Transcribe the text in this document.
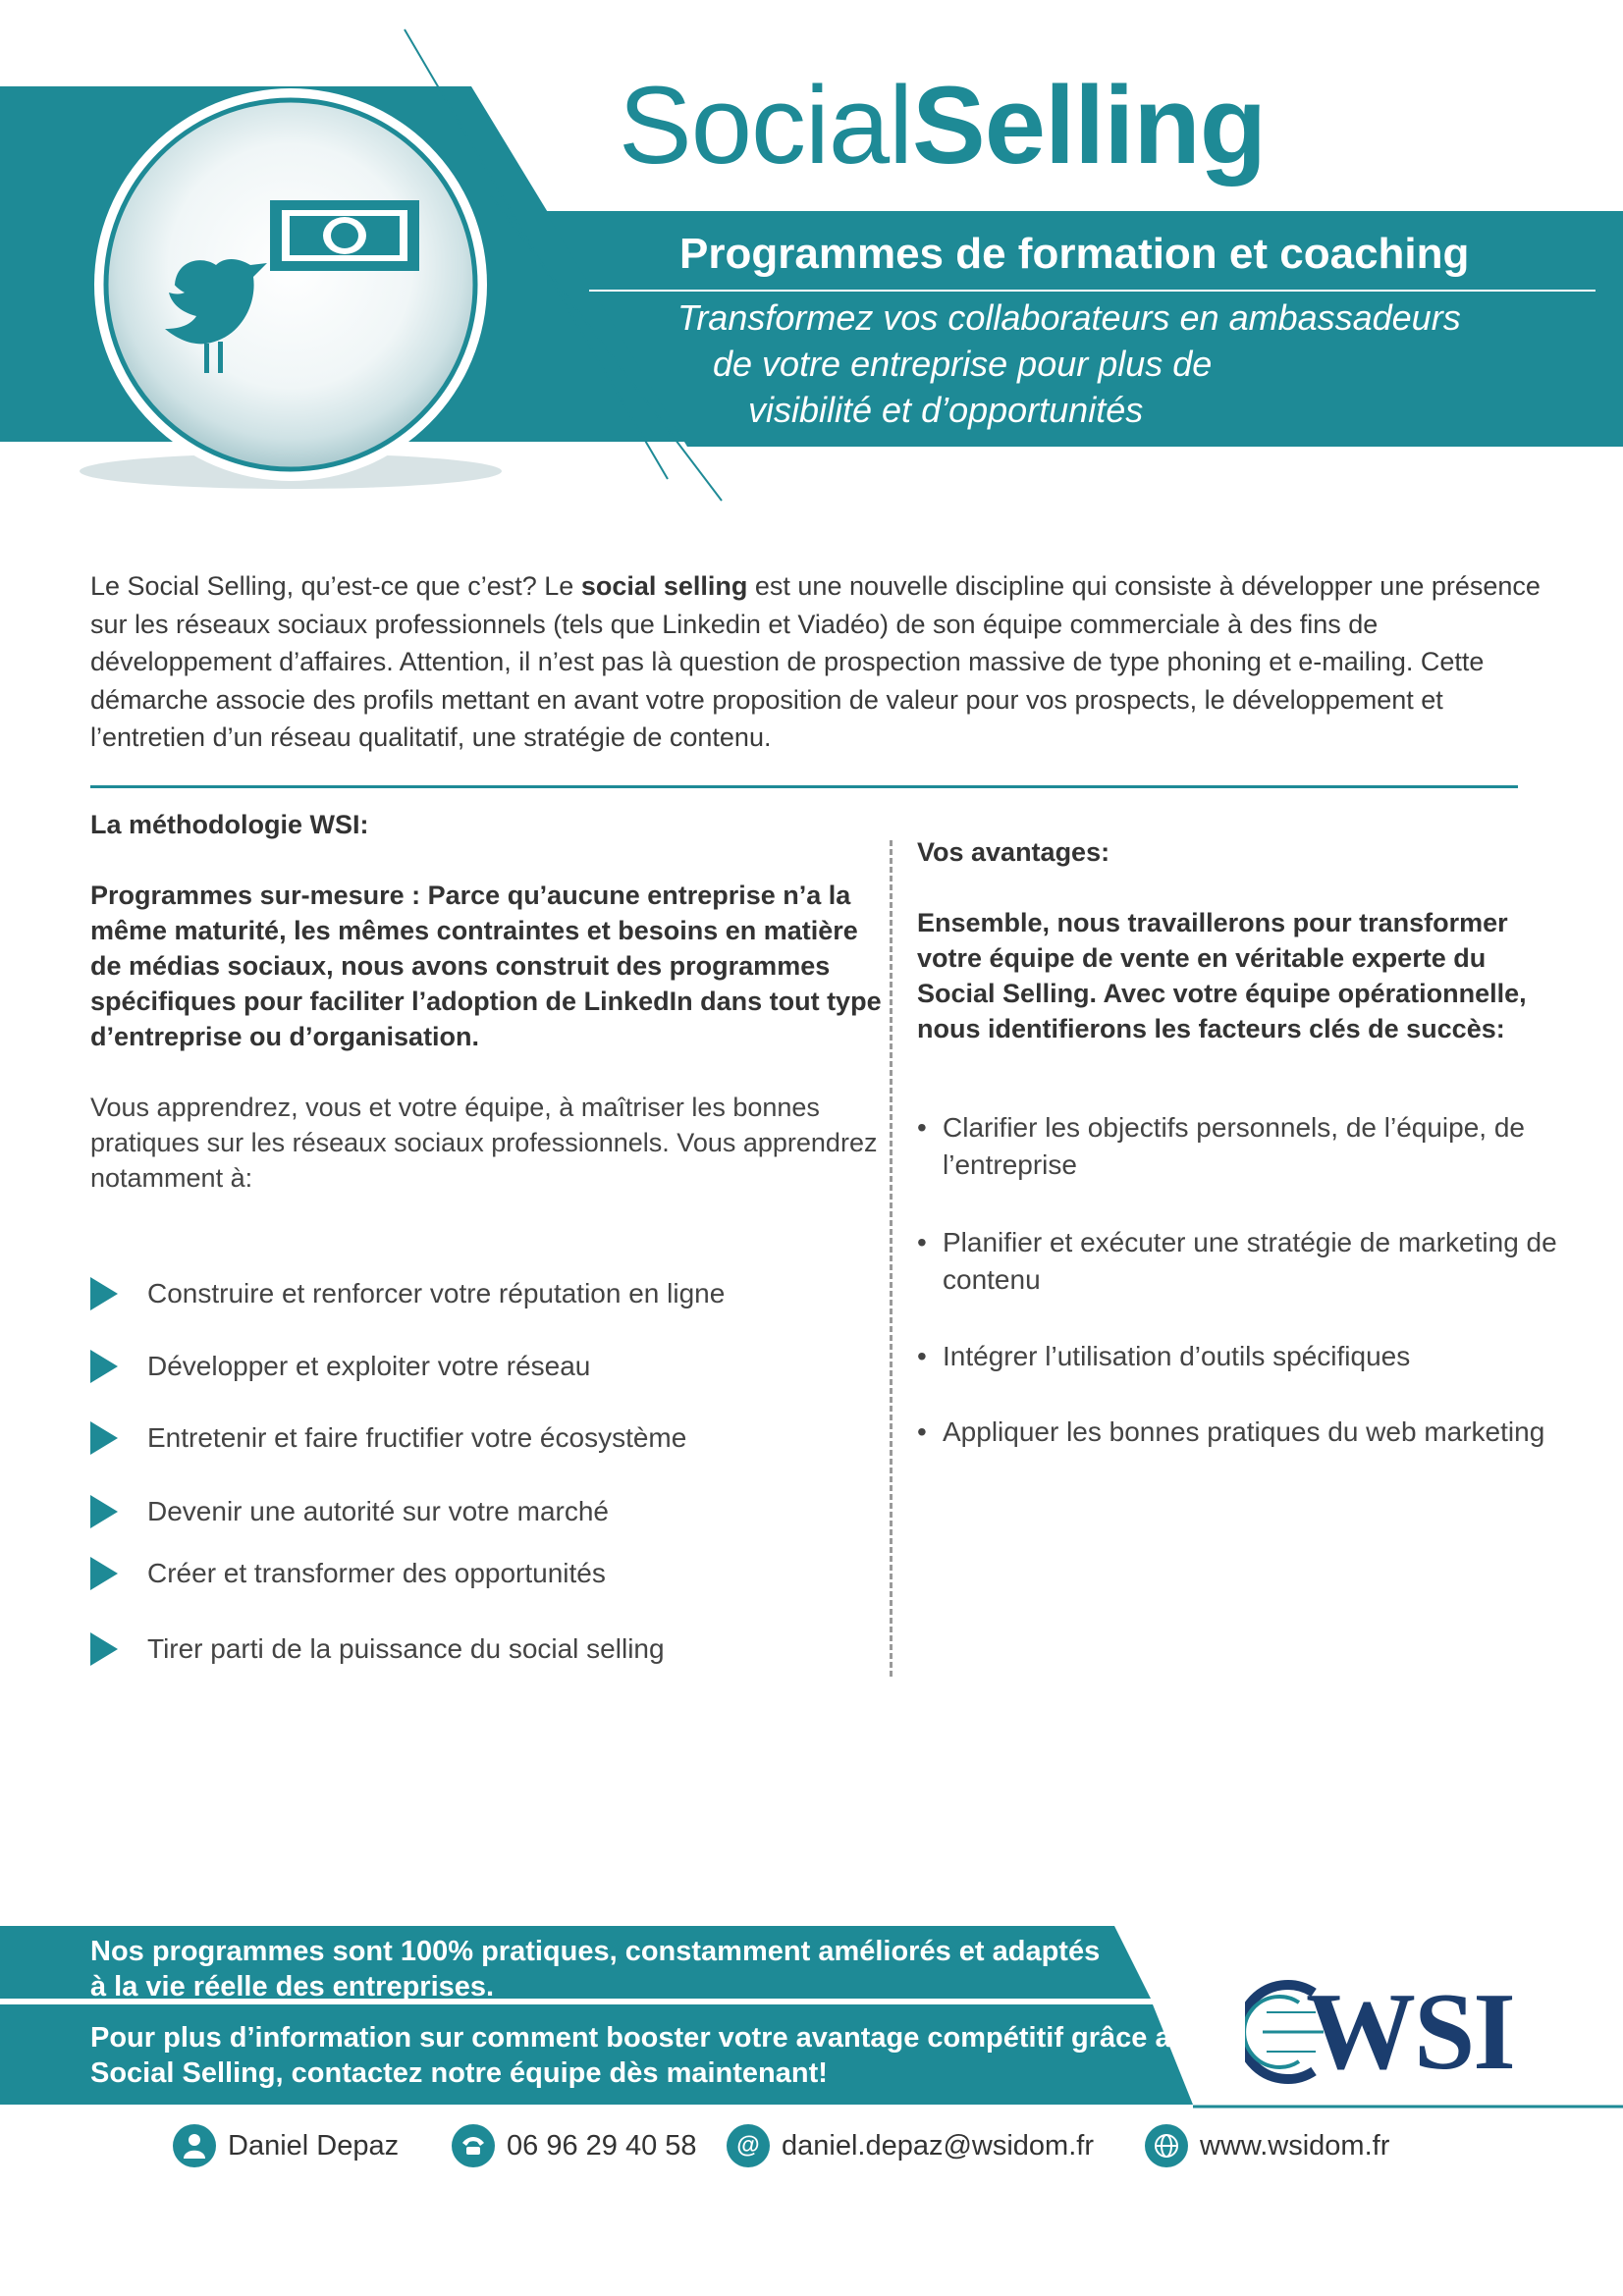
SocialSelling
Programmes de formation et coaching
Transformez vos collaborateurs en ambassadeurs
de votre entreprise pour plus de
visibilité et d’opportunités

Le Social Selling, qu’est-ce que c’est? Le social selling est une nouvelle discipline qui consiste à développer une présence sur les réseaux sociaux professionnels (tels que Linkedin et Viadéo) de son équipe commerciale à des fins de développement d’affaires. Attention, il n’est pas là question de prospection massive de type phoning et e-mailing. Cette démarche associe des profils mettant en avant votre proposition de valeur pour vos prospects, le développement et l’entretien d’un réseau qualitatif, une stratégie de contenu.

La méthodologie WSI:

Programmes sur-mesure : Parce qu’aucune entreprise n’a la même maturité, les mêmes contraintes et besoins en matière de médias sociaux, nous avons construit des programmes spécifiques pour faciliter l’adoption de LinkedIn dans tout type d’entreprise ou d’organisation.

Vous apprendrez, vous et votre équipe, à maîtriser les bonnes pratiques sur les réseaux sociaux professionnels. Vous apprendrez notamment à:

Construire et renforcer votre réputation en ligne
Développer et exploiter votre réseau
Entretenir et faire fructifier votre écosystème
Devenir une autorité sur votre marché
Créer et transformer des opportunités
Tirer parti de la puissance du social selling

Vos avantages:

Ensemble, nous travaillerons pour transformer votre équipe de vente en véritable experte du Social Selling. Avec votre équipe opérationnelle, nous identifierons les facteurs clés de succès:

• Clarifier les objectifs personnels, de l’équipe, de l’entreprise
• Planifier et exécuter une stratégie de marketing de contenu
• Intégrer l’utilisation d’outils spécifiques
• Appliquer les bonnes pratiques du web marketing

Nos programmes sont 100% pratiques, constamment améliorés et adaptés à la vie réelle des entreprises.

Pour plus d’information sur comment booster votre avantage compétitif grâce au Social Selling, contactez notre équipe dès maintenant!	WSI
Daniel Depaz	06 96 29 40 58	@ daniel.depaz@wsidom.fr	www.wsidom.fr
